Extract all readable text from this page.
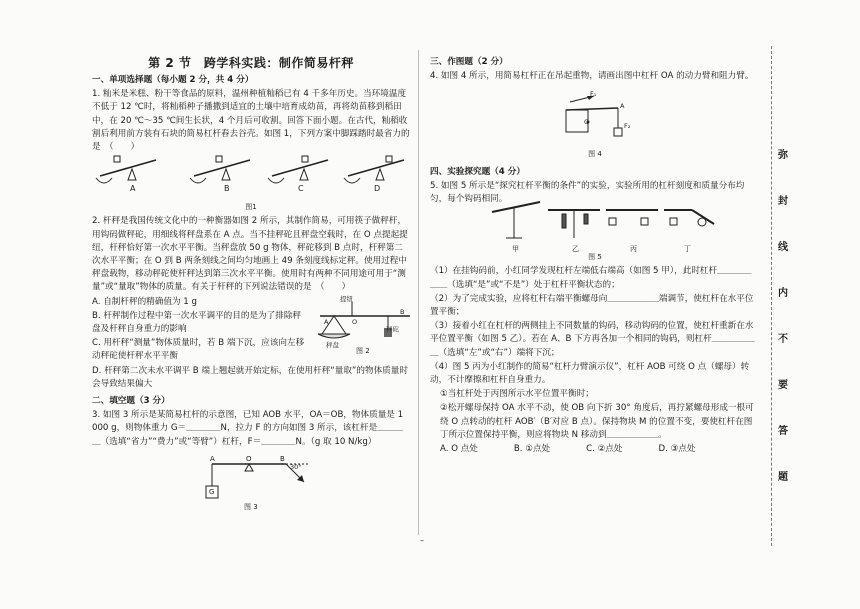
第 2 节　跨学科实践：制作简易杆秤
一、单项选择题（每小题 2 分，共 4 分）
1. 籼米是米糕、粉干等食品的原料，温州种植籼稻已有 4 千多年历史。当环境温度不低于 12 ℃时，将籼稻种子播撒到适宜的土壤中培育成幼苗，再将幼苗移到稻田中，在 20 ℃～35 ℃间生长状，4 个月后可收割。回答下面小题。在古代，籼稻收割后利用前方装有石块的简易杠杆舂去谷壳。如图 1，下列方案中脚踩踏时最省力的是　（　　）
图1
2. 杆秤是我国传统文化中的一种衡器如图 2 所示，其制作简易，可用筷子做秤杆，用钩码做秤砣，用细线将秤盘系在 A 点。当不挂秤砣且秤盘空载时，在 O 点提起提纽，杆秤恰好第一次水平平衡。当秤盘放 50 g 物体，秤砣移到 B 点时，杆秤第二次水平平衡；在 O 到 B 两条刻线之间均匀地画上 49 条刻度线标定秤。使用过程中秤盘载物，移动秤砣使杆秤达到第三次水平平衡。使用时有两种不同用途可用于“测量”或“量取”物体的质量。有关于杆秤的下列说法错误的是　（　　）
A. 自制杆秤的精确值为 1 g
B. 杆秤制作过程中第一次水平调平的目的是为了排除秤盘及杆秤自身重力的影响
C. 用杆秤“测量”物体质量时，若 B 端下沉，应该向左移动秤砣使杆秤水平平衡
D. 杆秤第二次未水平调平 B 端上翘起就开始定标，在使用杆秤“量取”的物体质量时会导致结果偏大
二、填空题（3 分）
3. 如图 3 所示是某简易杠杆的示意图，已知 AOB 水平，OA＝OB，物体质量是 1 000 g，则物体重力 G＝＿＿＿＿N，拉力 F 的方向如图 3 所示，该杠杆是＿＿＿＿（选填“省力”“费力”或“等臂”）杠杆，F＝＿＿＿＿N。（g 取 10 N/kg）
A	B	C	D
提纽
A	O
B
秤盘
秤砣
图 2
A	O	B
G
30°
图 3
三、作图题（2 分）
4. 如图 4 所示，用简易杠杆正在吊起重物，请画出图中杠杆 OA 的动力臂和阻力臂。
图 4
四、实验探究题（4 分）
5. 如图 5 所示是“探究杠杆平衡的条件”的实验，实验所用的杠杆刻度和质量分布均匀，每个钩码相同。
图 5
（1）在挂钩码前，小红同学发现杠杆左端低右端高（如图 5 甲），此时杠杆＿＿＿＿＿＿（选填“是”或“不是”）处于杠杆平衡状态的；
（2）为了完成实验，应将杠杆右端平衡螺母向＿＿＿＿＿＿端调节，使杠杆在水平位置平衡；
（3）接着小红在杠杆的两侧挂上不同数量的钩码，移动钩码的位置，使杠杆重新在水平位置平衡（如图 5 乙）。若在 A、B 下方再各加一个相同的钩码，则杠杆＿＿＿＿＿＿（选填“左”或“右”）端将下沉；
（4）图 5 丙为小红制作的简易“杠杆力臂演示仪”，杠杆 AOB 可绕 O 点（螺母）转动，不计摩擦和杠杆自身重力。
①当杠杆处于丙图所示水平位置平衡时；
②松开螺母保持 OA 水平不动，使 OB 向下折 30° 角度后，再拧紧螺母形成一根可绕 O 点转动的杠杆 AOB′（B′对应 B 点）。保持物块 M 的位置不变，要使杠杆在图丁所示位置保持平衡，则应将物块 N 移动到＿＿＿＿＿＿。
A. O 点处	B. ①点处	C. ②点处	D. ③点处
F₁
F₂
O
A
甲	乙	丙	丁
弥
封
线
内
不
要
答
题
–
